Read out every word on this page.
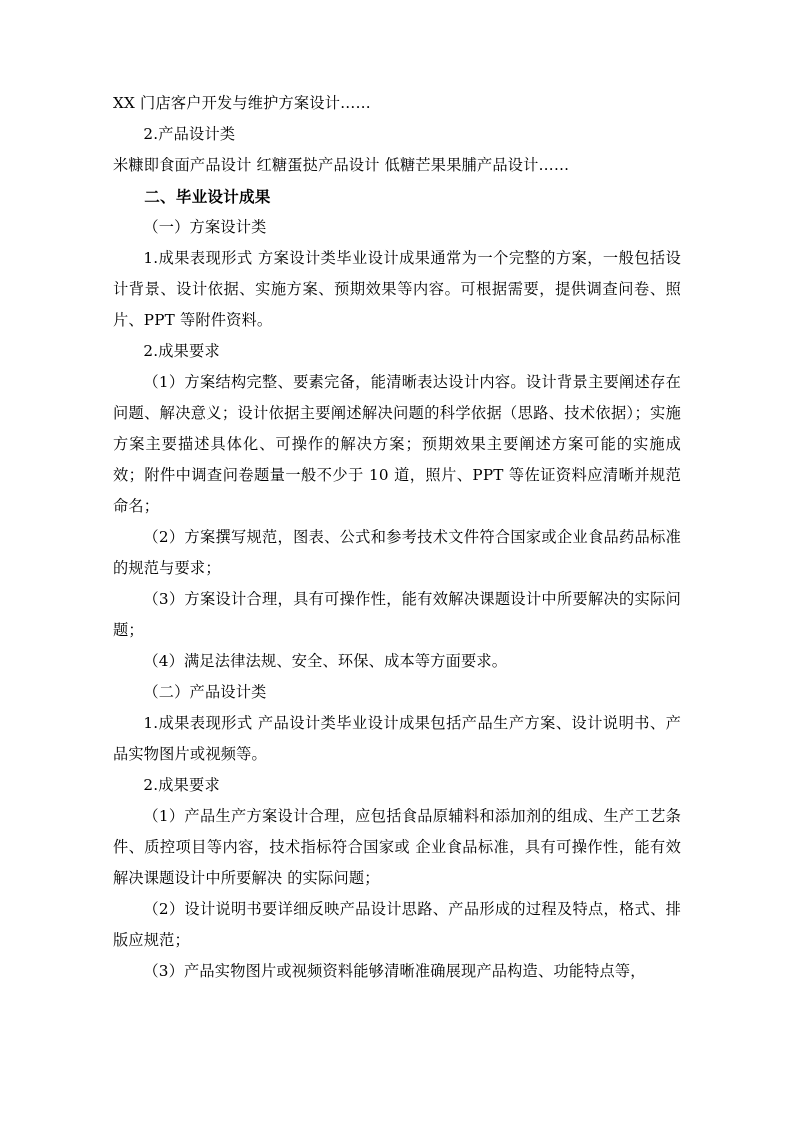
XX 门店客户开发与维护方案设计……

2.产品设计类

米糠即食面产品设计 红糖蛋挞产品设计 低糖芒果果脯产品设计……

二、毕业设计成果

（一）方案设计类

1.成果表现形式 方案设计类毕业设计成果通常为一个完整的方案，一般包括设计背景、设计依据、实施方案、预期效果等内容。可根据需要，提供调查问卷、照片、PPT 等附件资料。

2.成果要求

（1）方案结构完整、要素完备，能清晰表达设计内容。设计背景主要阐述存在问题、解决意义；设计依据主要阐述解决问题的科学依据（思路、技术依据）；实施方案主要描述具体化、可操作的解决方案；预期效果主要阐述方案可能的实施成效；附件中调查问卷题量一般不少于 10 道，照片、PPT 等佐证资料应清晰并规范命名；

（2）方案撰写规范，图表、公式和参考技术文件符合国家或企业食品药品标准的规范与要求；

（3）方案设计合理，具有可操作性，能有效解决课题设计中所要解决的实际问题；

（4）满足法律法规、安全、环保、成本等方面要求。

（二）产品设计类

1.成果表现形式 产品设计类毕业设计成果包括产品生产方案、设计说明书、产品实物图片或视频等。

2.成果要求

（1）产品生产方案设计合理，应包括食品原辅料和添加剂的组成、生产工艺条件、质控项目等内容，技术指标符合国家或 企业食品标准，具有可操作性，能有效解决课题设计中所要解决 的实际问题；

（2）设计说明书要详细反映产品设计思路、产品形成的过程及特点，格式、排版应规范；

（3）产品实物图片或视频资料能够清晰准确展现产品构造、功能特点等，
